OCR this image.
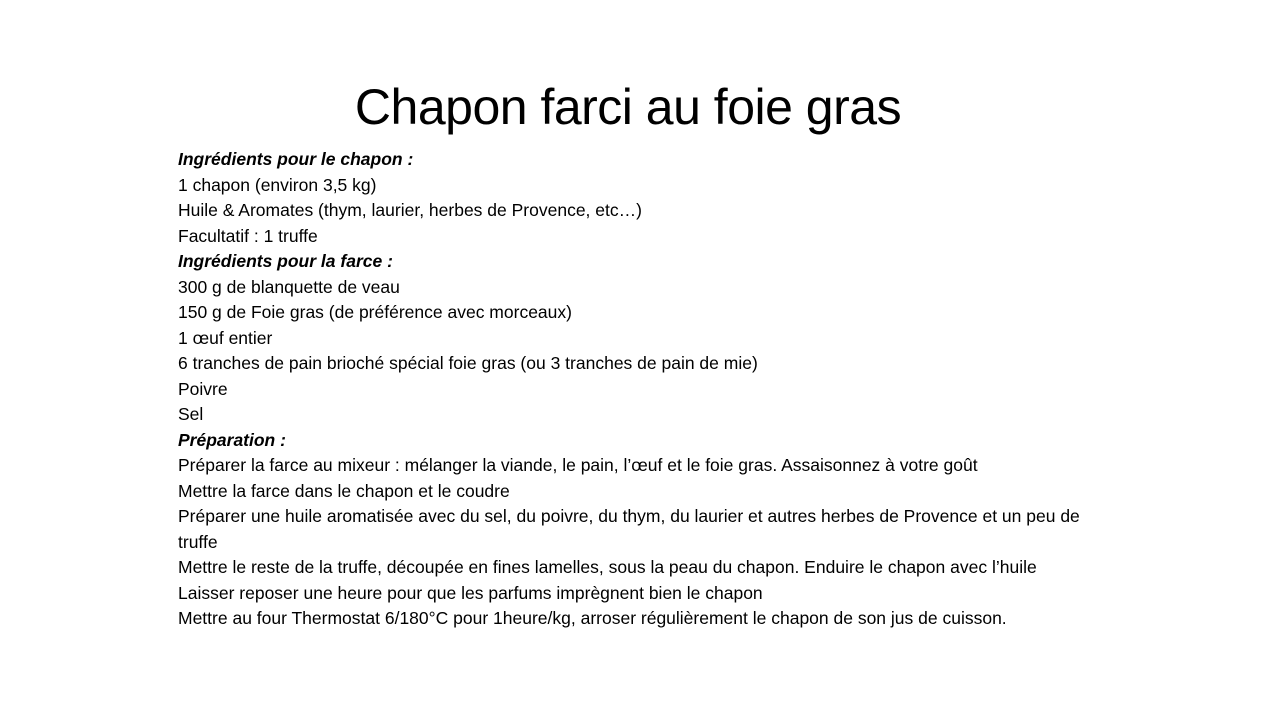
Chapon farci au foie gras
Ingrédients pour le chapon :
1 chapon (environ 3,5 kg)
Huile & Aromates (thym, laurier, herbes de Provence, etc…)
Facultatif : 1 truffe
Ingrédients pour la farce :
300 g de blanquette de veau
150 g de Foie gras (de préférence avec morceaux)
1 œuf entier
6 tranches de pain brioché spécial foie gras (ou 3 tranches de pain de mie)
Poivre
Sel
Préparation :
Préparer la farce au mixeur : mélanger la viande, le pain, l’œuf et le foie gras. Assaisonnez à votre goût
Mettre la farce dans le chapon et le coudre
Préparer une huile aromatisée avec du sel, du poivre, du thym, du laurier et autres herbes de Provence et un peu de truffe
Mettre le reste de la truffe, découpée en fines lamelles, sous la peau du chapon. Enduire le chapon avec l’huile
Laisser reposer une heure pour que les parfums imprègnent bien le chapon
Mettre au four Thermostat 6/180°C pour 1heure/kg, arroser régulièrement le chapon de son jus de cuisson.
